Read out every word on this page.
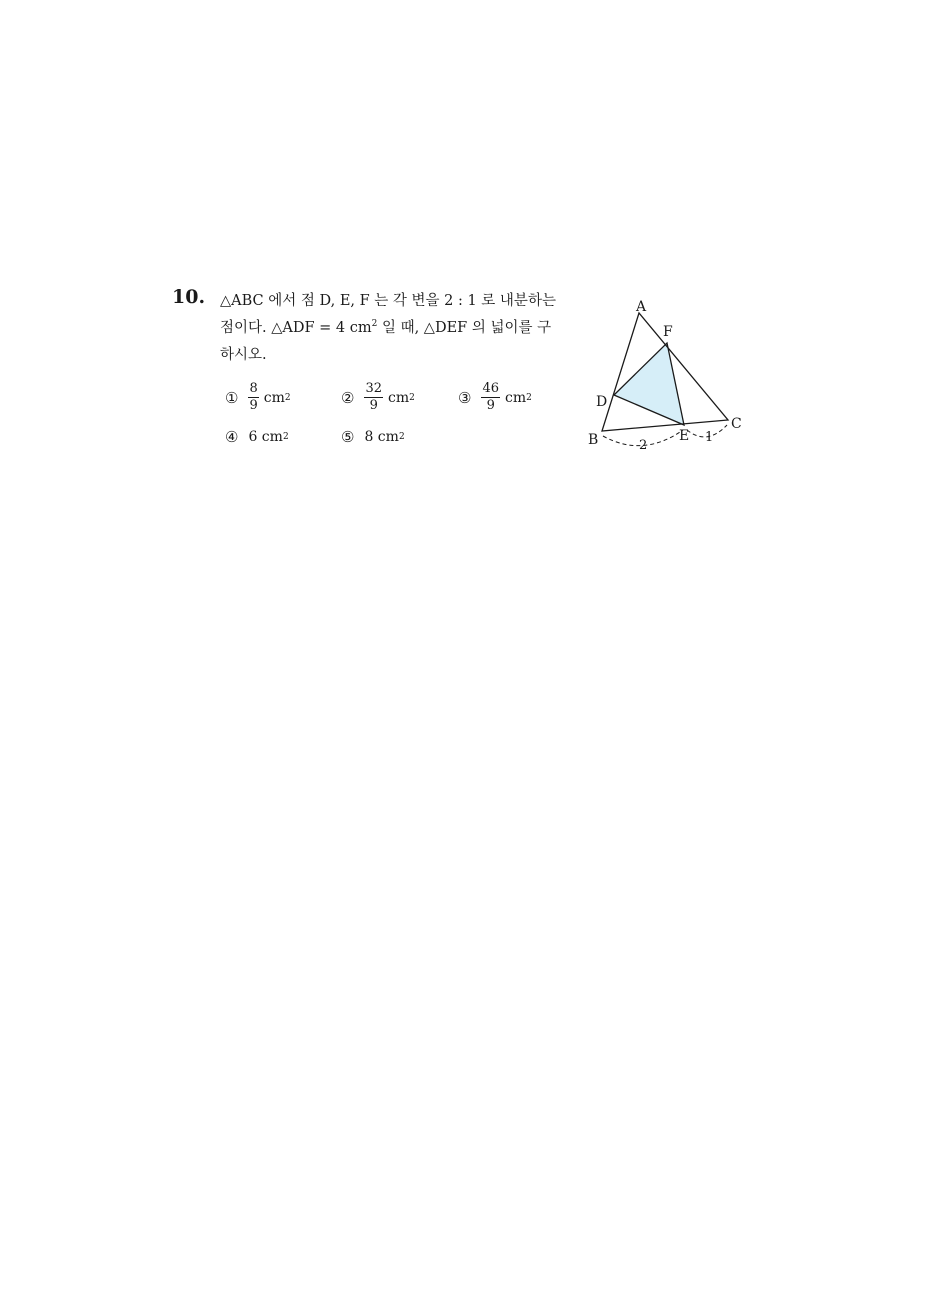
10. △ABC 에서 점 D, E, F 는 각 변을 2 : 1 로 내분하는
점이다. △ADF = 4 $cm^2$ 일 때, △DEF 의 넓이를 구
하시오.
① $\frac{8}{9}$ cm 2	② $\frac{32}{9}$ cm 2	③ $\frac{46}{9}$ cm 2
④ 6 cm 2	⑤ 8 cm 2
A
B
C
D
E
F
2
1
